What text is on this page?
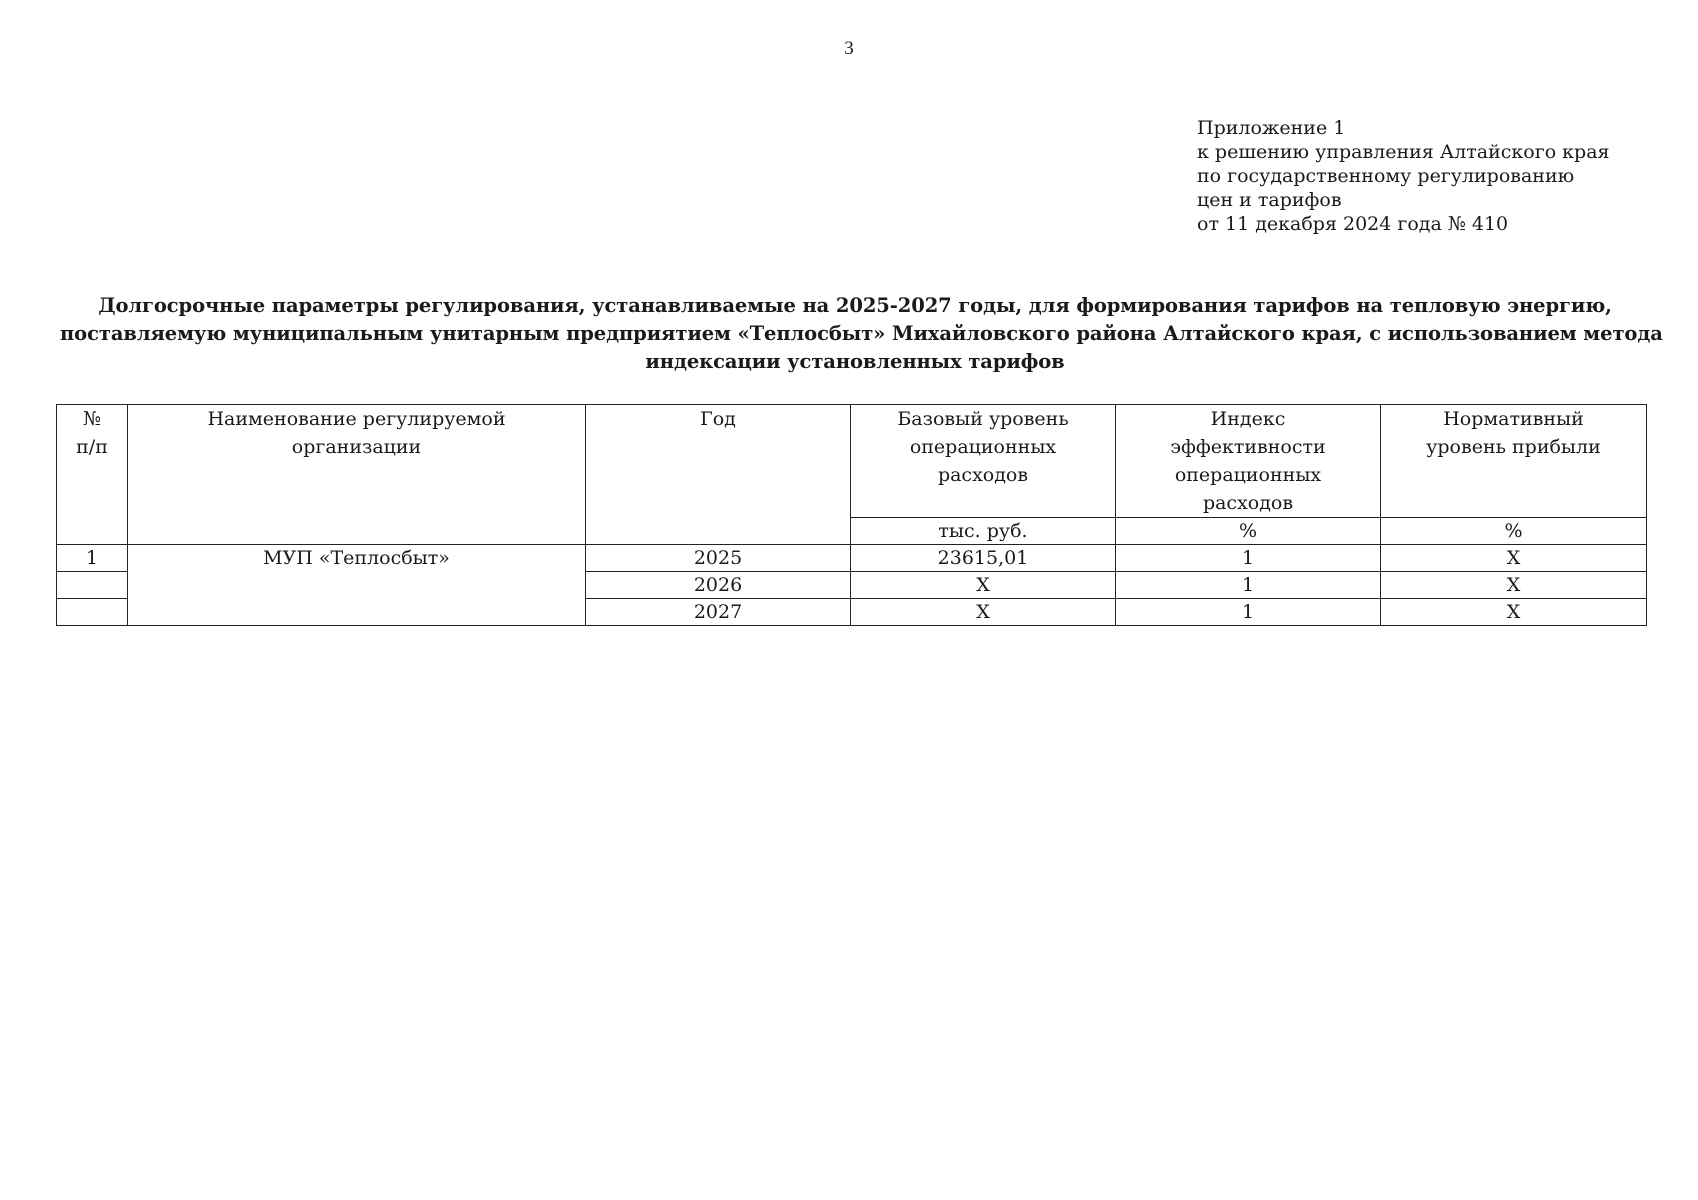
3
Приложение 1
к решению управления Алтайского края
по государственному регулированию
цен и тарифов
от 11 декабря 2024 года № 410
Долгосрочные параметры регулирования, устанавливаемые на 2025-2027 годы, для формирования тарифов на тепловую энергию,
поставляемую муниципальным унитарным предприятием «Теплосбыт» Михайловского района Алтайского края, с использованием метода
индексации установленных тарифов
№ п/п	Наименование регулируемой организации	Год	Базовый уровень операционных расходов	Индекс эффективности операционных расходов	Нормативный уровень прибыли
			тыс. руб.	%	%
1	МУП «Теплосбыт»	2025	23615,01	1	Х
		2026	Х	1	Х
		2027	Х	1	Х
